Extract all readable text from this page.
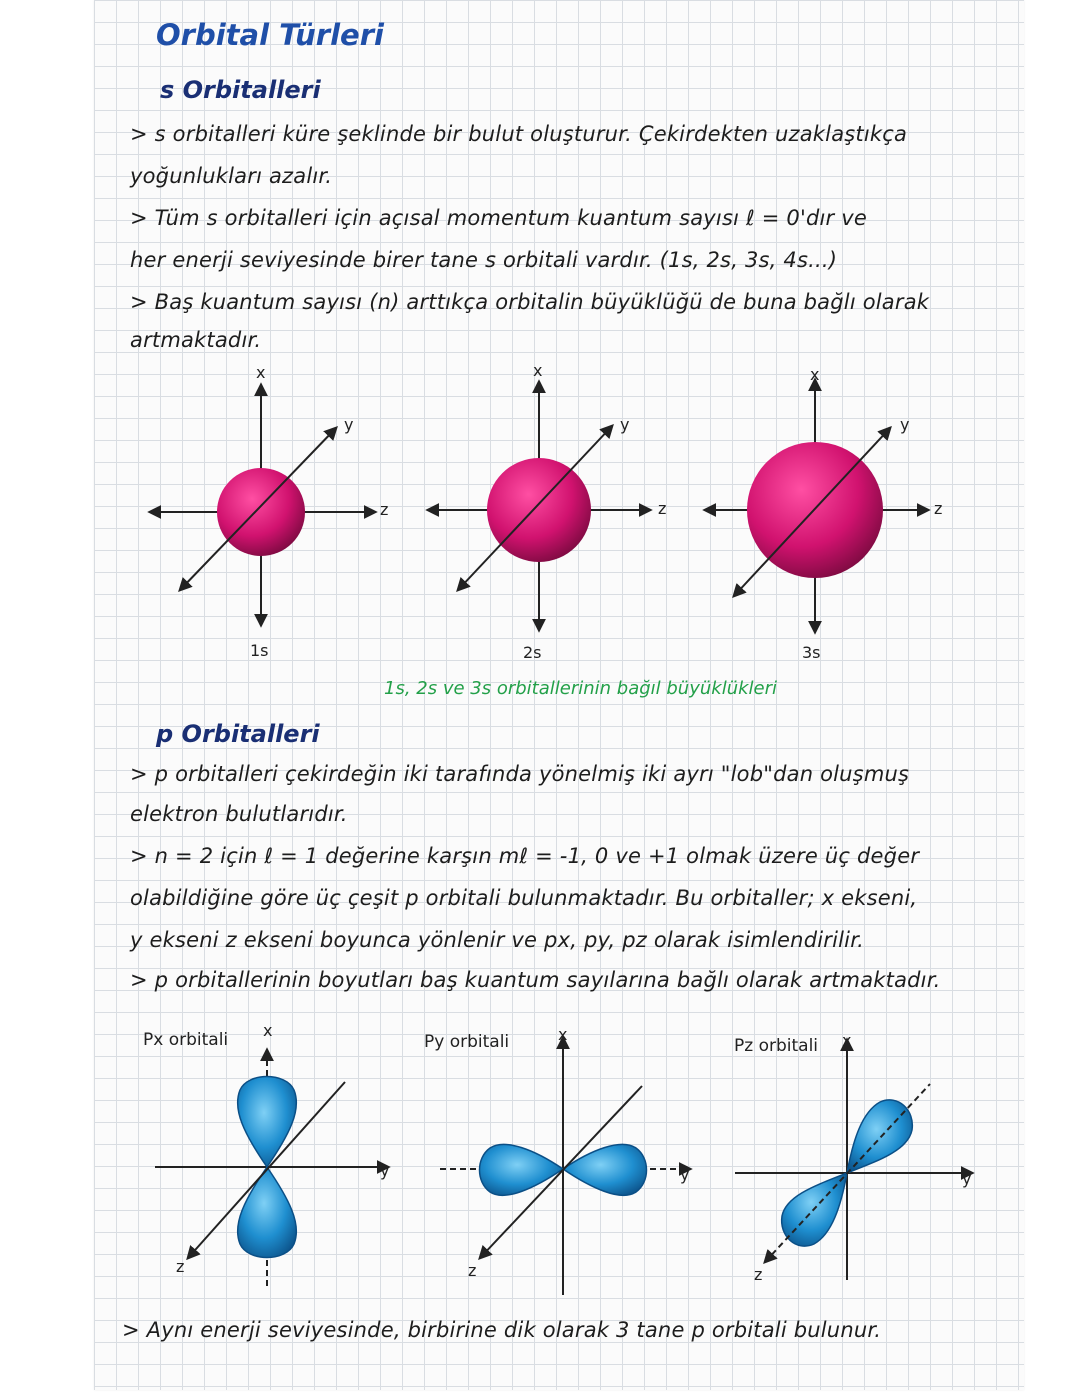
Orbital Türleri
s Orbitalleri
> s orbitalleri küre şeklinde bir bulut oluşturur. Çekirdekten uzaklaştıkça
yoğunlukları azalır.
> Tüm s orbitalleri için açısal momentum kuantum sayısı ℓ = 0'dır ve
her enerji seviyesinde birer tane s orbitali vardır. (1s, 2s, 3s, 4s...)
> Baş kuantum sayısı (n) arttıkça orbitalin büyüklüğü de buna bağlı olarak
artmaktadır.
x
y
z
1s
x
y
z
2s
x
y
z
3s
1s, 2s ve 3s orbitallerinin bağıl büyüklükleri
p Orbitalleri
> p orbitalleri çekirdeğin iki tarafında yönelmiş iki ayrı "lob"dan oluşmuş
elektron bulutlarıdır.
> n = 2 için ℓ = 1 değerine karşın mℓ = -1, 0 ve +1 olmak üzere üç değer
olabildiğine göre üç çeşit p orbitali bulunmaktadır. Bu orbitaller; x ekseni,
y ekseni z ekseni boyunca yönlenir ve px, py, pz olarak isimlendirilir.
> p orbitallerinin boyutları baş kuantum sayılarına bağlı olarak artmaktadır.
Px orbitali	Py orbitali	Pz orbitali
x
y
z
x
y
z
x
y
z
> Aynı enerji seviyesinde, birbirine dik olarak 3 tane p orbitali bulunur.
